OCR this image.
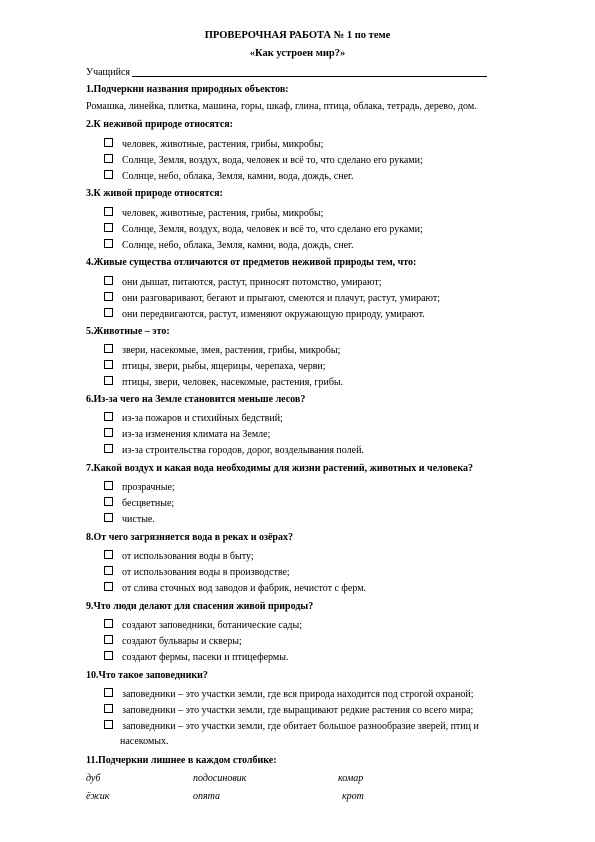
ПРОВЕРОЧНАЯ РАБОТА № 1 по теме
«Как устроен мир?»
Учащийся
1.Подчеркни названия природных объектов:
Ромашка, линейка, плитка, машина, горы, шкаф, глина, птица, облака, тетрадь, дерево, дом.
2.К неживой природе относятся:
человек, животные, растения, грибы, микробы;
Солнце, Земля, воздух, вода, человек и всё то, что сделано его руками;
Солнце, небо, облака, Земля, камни, вода, дождь, снег.
3.К живой природе относятся:
человек, животные, растения, грибы, микробы;
Солнце, Земля, воздух, вода, человек и всё то, что сделано его руками;
Солнце, небо, облака, Земля, камни, вода, дождь, снег.
4.Живые существа отличаются от предметов неживой природы тем, что:
они дышат, питаются, растут, приносят потомство, умирают;
они разговаривают, бегают и прыгают, смеются и плачут, растут, умирают;
они передвигаются, растут, изменяют окружающую природу, умирают.
5.Животные – это:
звери, насекомые, змея, растения, грибы, микробы;
птицы, звери, рыбы, ящерицы, черепаха, черви;
птицы, звери, человек, насекомые, растения, грибы.
6.Из-за чего на Земле становится меньше лесов?
из-за пожаров и стихийных бедствий;
из-за изменения климата на Земле;
из-за строительства городов, дорог, возделывания полей.
7.Какой воздух и какая вода необходимы для жизни растений, животных и человека?
прозрачные;
бесцветные;
чистые.
8.От чего загрязняется вода в реках и озёрах?
от использования воды в быту;
от использования воды в производстве;
от слива сточных вод заводов и фабрик, нечистот с ферм.
9.Что люди делают для спасения живой природы?
создают заповедники, ботанические сады;
создают бульвары и скверы;
создают фермы, пасеки и птицефермы.
10.Что такое заповедники?
заповедники – это участки земли, где вся природа находится под строгой охраной;
заповедники – это участки земли, где выращивают редкие растения со всего мира;
заповедники – это участки земли, где обитает большое разнообразие зверей, птиц и
насекомых.
11.Подчеркни лишнее в каждом столбике:
дуб	подосиновик	комар
ёжик	опята	крот
